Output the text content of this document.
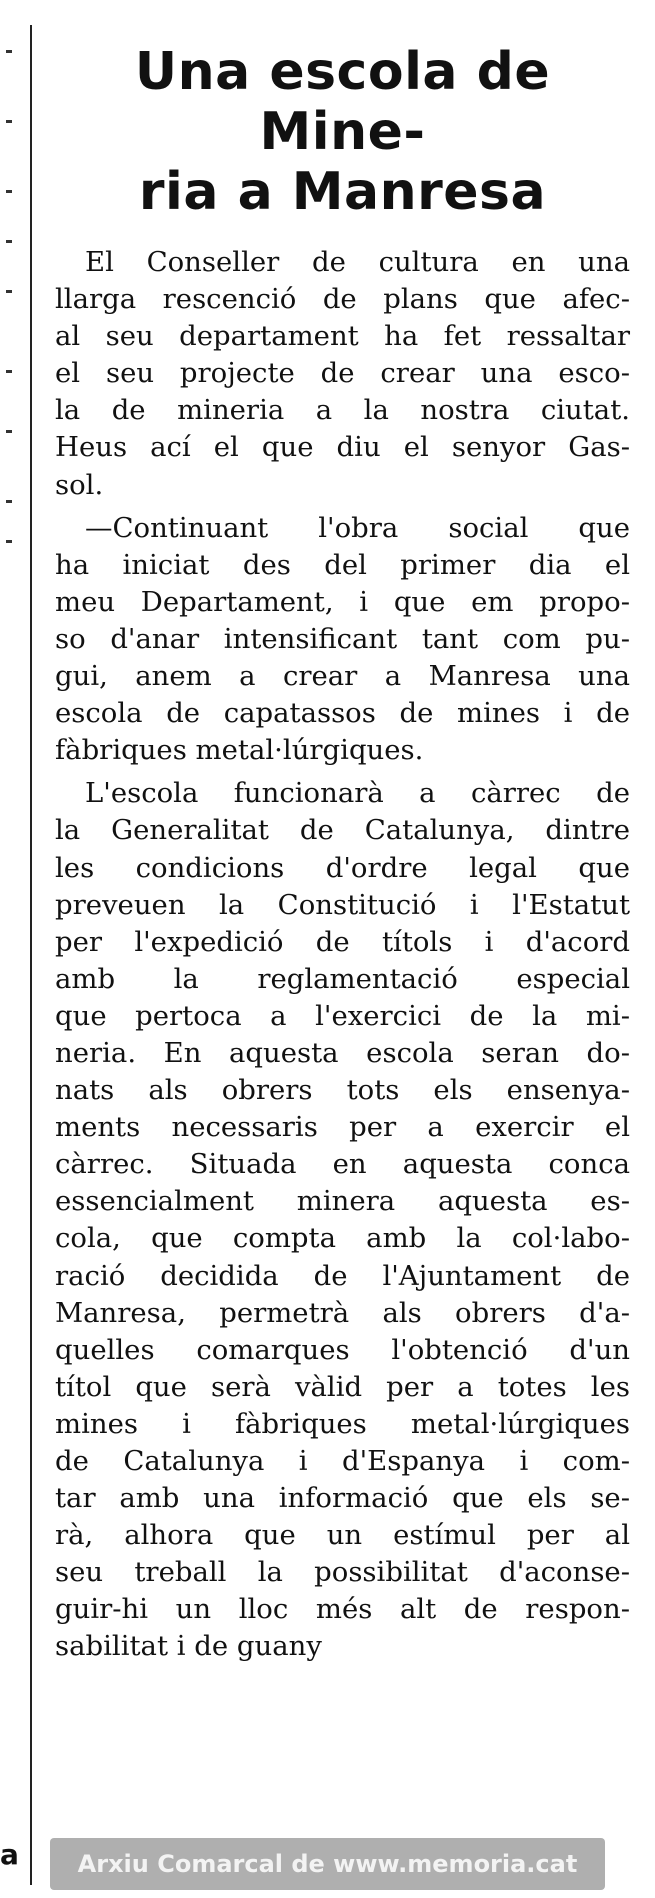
a
Una escola de Mine-
ria a Manresa
El Conseller de cultura en una
llarga rescenció de plans que afec-
al seu departament ha fet ressaltar
el seu projecte de crear una esco-
la de mineria a la nostra ciutat.
Heus ací el que diu el senyor Gas-
sol.
—Continuant l'obra social que
ha iniciat des del primer dia el
meu Departament, i que em propo-
so d'anar intensificant tant com pu-
gui, anem a crear a Manresa una
escola de capatassos de mines i de
fàbriques metal·lúrgiques.
L'escola funcionarà a càrrec de
la Generalitat de Catalunya, dintre
les condicions d'ordre legal que
preveuen la Constitució i l'Estatut
per l'expedició de títols i d'acord
amb la reglamentació especial
que pertoca a l'exercici de la mi-
neria. En aquesta escola seran do-
nats als obrers tots els ensenya-
ments necessaris per a exercir el
càrrec. Situada en aquesta conca
essencialment minera aquesta es-
cola, que compta amb la col·labo-
ració decidida de l'Ajuntament de
Manresa, permetrà als obrers d'a-
quelles comarques l'obtenció d'un
títol que serà vàlid per a totes les
mines i fàbriques metal·lúrgiques
de Catalunya i d'Espanya i com-
tar amb una informació que els se-
rà, alhora que un estímul per al
seu treball la possibilitat d'aconse-
guir-hi un lloc més alt de respon-
sabilitat i de guany
Arxiu Comarcal de www.memoria.cat
